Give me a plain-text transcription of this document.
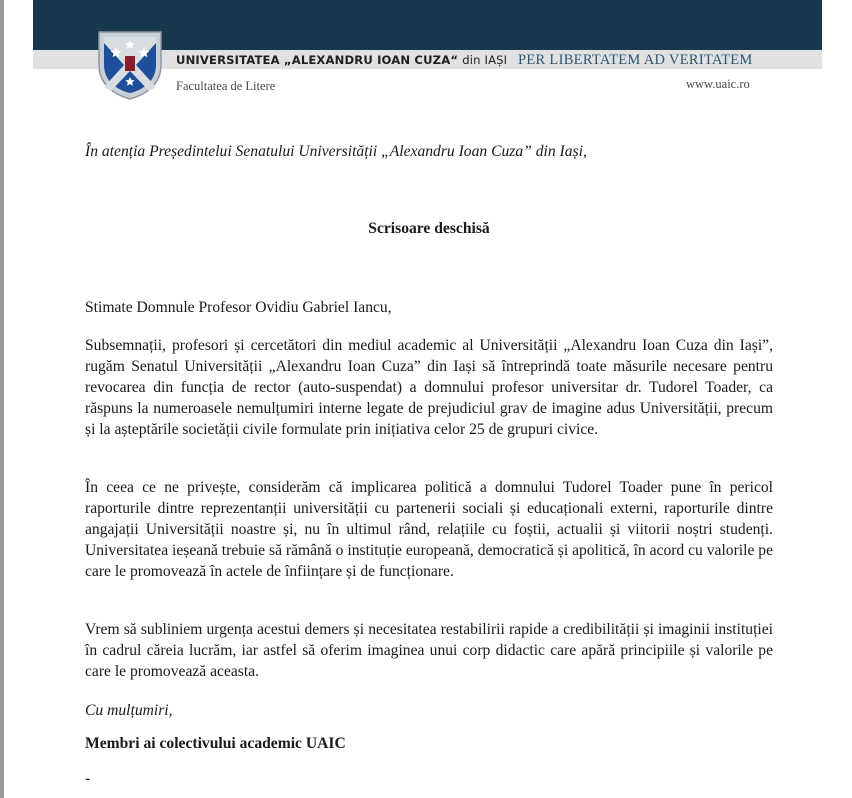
UNIVERSITATEA „ALEXANDRU IOAN CUZA“ din IAȘI PER LIBERTATEM AD VERITATEM
Facultatea de Litere	www.uaic.ro
În atenția Președintelui Senatului Universității „Alexandru Ioan Cuza” din Iași,
Scrisoare deschisă
Stimate Domnule Profesor Ovidiu Gabriel Iancu,

Subsemnații, profesori și cercetători din mediul academic al Universității „Alexandru Ioan Cuza din Iași”, rugăm Senatul Universității „Alexandru Ioan Cuza” din Iași să întreprindă toate măsurile necesare pentru revocarea din funcția de rector (auto-suspendat) a domnului profesor universitar dr. Tudorel Toader, ca răspuns la numeroasele nemulțumiri interne legate de prejudiciul grav de imagine adus Universității, precum și la așteptările societății civile formulate prin inițiativa celor 25 de grupuri civice.

În ceea ce ne privește, considerăm că implicarea politică a domnului Tudorel Toader pune în pericol raporturile dintre reprezentanții universității cu partenerii sociali și educaționali externi, raporturile dintre angajații Universității noastre și, nu în ultimul rând, relațiile cu foștii, actualii și viitorii noștri studenți. Universitatea ieșeană trebuie să rămână o instituție europeană, democratică și apolitică, în acord cu valorile pe care le promovează în actele de înființare și de funcționare.

Vrem să subliniem urgența acestui demers și necesitatea restabilirii rapide a credibilității și imaginii instituției în cadrul căreia lucrăm, iar astfel să oferim imaginea unui corp didactic care apără principiile și valorile pe care le promovează aceasta.

Cu mulțumiri,
Membri ai colectivului academic UAIC
-
